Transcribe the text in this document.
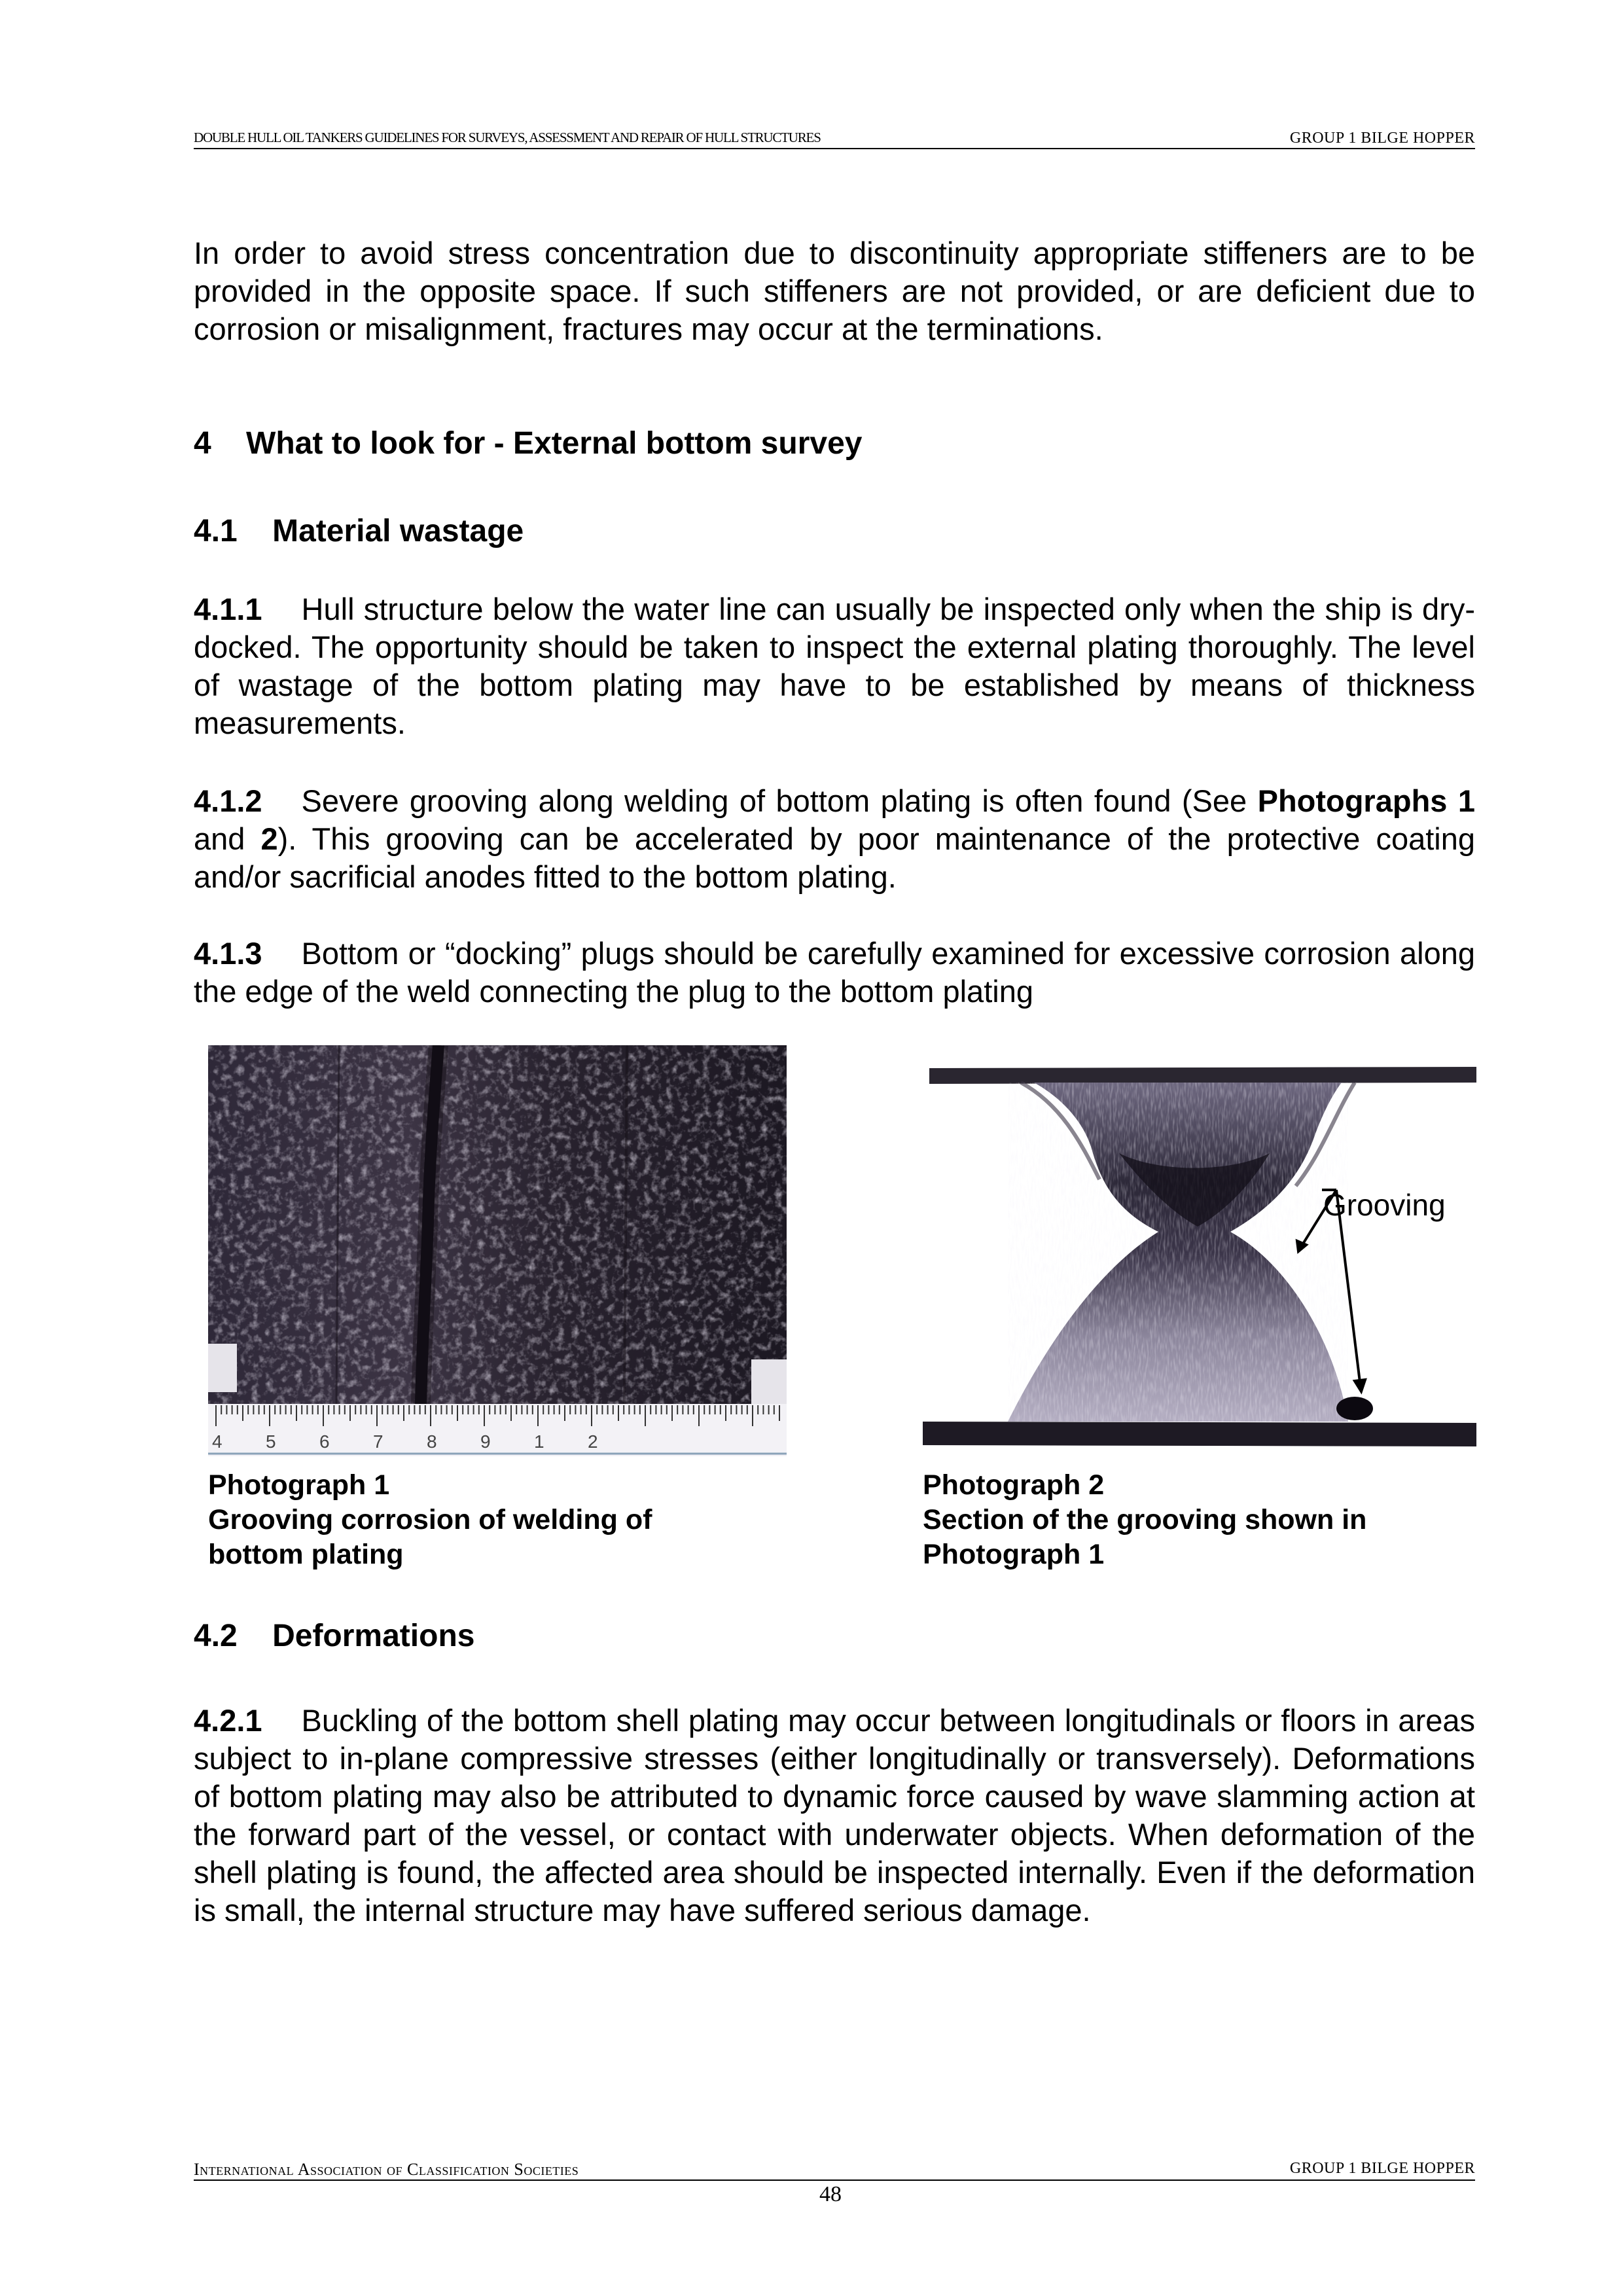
DOUBLE HULL OIL TANKERS GUIDELINES FOR SURVEYS, ASSESSMENT AND REPAIR OF HULL STRUCTURES	GROUP 1 BILGE HOPPER
In order to avoid stress concentration due to discontinuity appropriate stiffeners are to be provided in the opposite space. If such stiffeners are not provided, or are deficient due to corrosion or misalignment, fractures may occur at the terminations.
4 What to look for - External bottom survey
4.1 Material wastage
4.1.1 Hull structure below the water line can usually be inspected only when the ship is dry-docked. The opportunity should be taken to inspect the external plating thoroughly. The level of wastage of the bottom plating may have to be established by means of thickness measurements.
4.1.2 Severe grooving along welding of bottom plating is often found (See Photographs 1 and 2). This grooving can be accelerated by poor maintenance of the protective coating and/or sacrificial anodes fitted to the bottom plating.
4.1.3 Bottom or “docking” plugs should be carefully examined for excessive corrosion along the edge of the weld connecting the plug to the bottom plating
4 5 6 7 8 9 1 2
Grooving
Photograph 1
Grooving corrosion of welding of
bottom plating
Photograph 2
Section of the grooving shown in
Photograph 1
4.2 Deformations
4.2.1 Buckling of the bottom shell plating may occur between longitudinals or floors in areas subject to in-plane compressive stresses (either longitudinally or transversely). Deformations of bottom plating may also be attributed to dynamic force caused by wave slamming action at the forward part of the vessel, or contact with underwater objects. When deformation of the shell plating is found, the affected area should be inspected internally. Even if the deformation is small, the internal structure may have suffered serious damage.
International Association of Classification Societies	GROUP 1 BILGE HOPPER
48
